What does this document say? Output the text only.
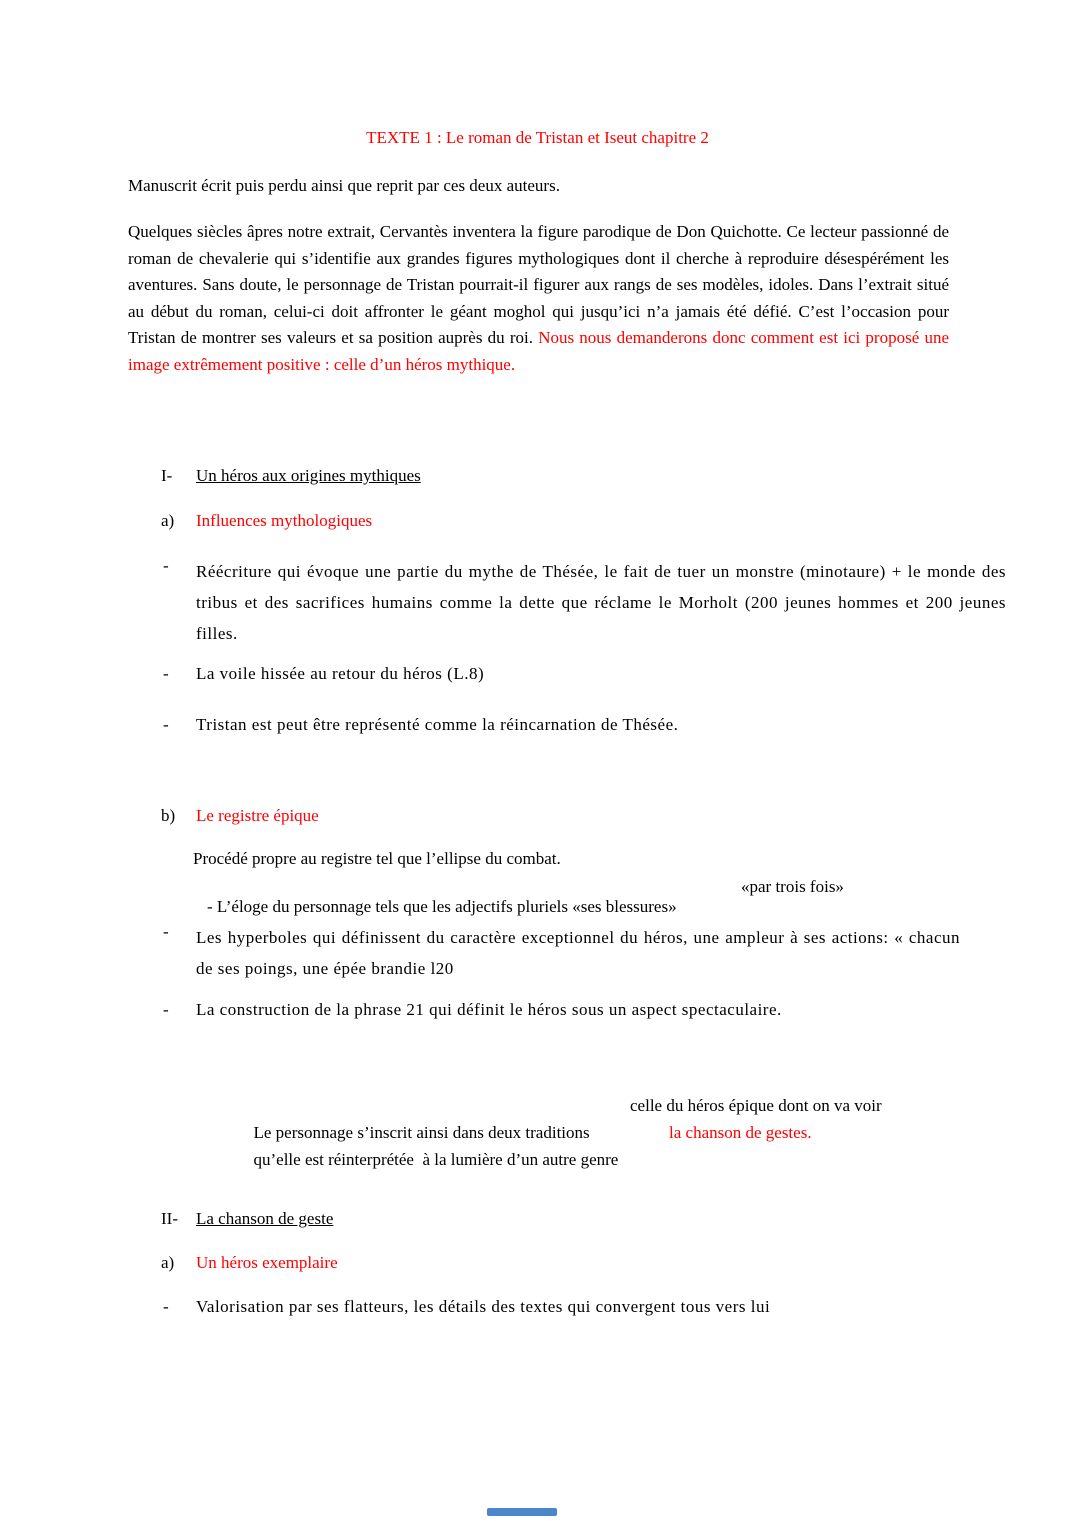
TEXTE 1 : Le roman de Tristan et Iseut chapitre 2
Manuscrit écrit puis perdu ainsi que reprit par ces deux auteurs.
Quelques siècles âpres notre extrait, Cervantès inventera la figure parodique de Don Quichotte. Ce lecteur passionné de roman de chevalerie qui s’identifie aux grandes figures mythologiques dont il cherche à reproduire désespérément les aventures. Sans doute, le personnage de Tristan pourrait-il figurer aux rangs de ses modèles, idoles. Dans l’extrait situé au début du roman, celui-ci doit affronter le géant moghol qui jusqu’ici n’a jamais été défié. C’est l’occasion pour Tristan de montrer ses valeurs et sa position auprès du roi. Nous nous demanderons donc comment est ici proposé une image extrêmement positive : celle d’un héros mythique.
I- Un héros aux origines mythiques
a) Influences mythologiques
- Réécriture qui évoque une partie du mythe de Thésée, le fait de tuer un monstre (minotaure) + le monde des tribus et des sacrifices humains comme la dette que réclame le Morholt (200 jeunes hommes et 200 jeunes filles.
- La voile hissée au retour du héros (L.8)
- Tristan est peut être représenté comme la réincarnation de Thésée.
b) Le registre épique
Procédé propre au registre tel que l’ellipse du combat.

- L’éloge du personnage tels que les adjectifs pluriels «ses blessures»

«par trois fois»

- Les hyperboles qui définissent du caractère exceptionnel du héros, une ampleur à ses actions: « chacun de ses poings, une épée brandie l20
- La construction de la phrase 21 qui définit le héros sous un aspect spectaculaire.

Le personnage s’inscrit ainsi dans deux traditions

celle du héros épique dont on va voir

qu’elle est réinterprétée  à la lumière d’un autre genre

la chanson de gestes.

II- La chanson de geste
a) Un héros exemplaire
- Valorisation par ses flatteurs, les détails des textes qui convergent tous vers lui
